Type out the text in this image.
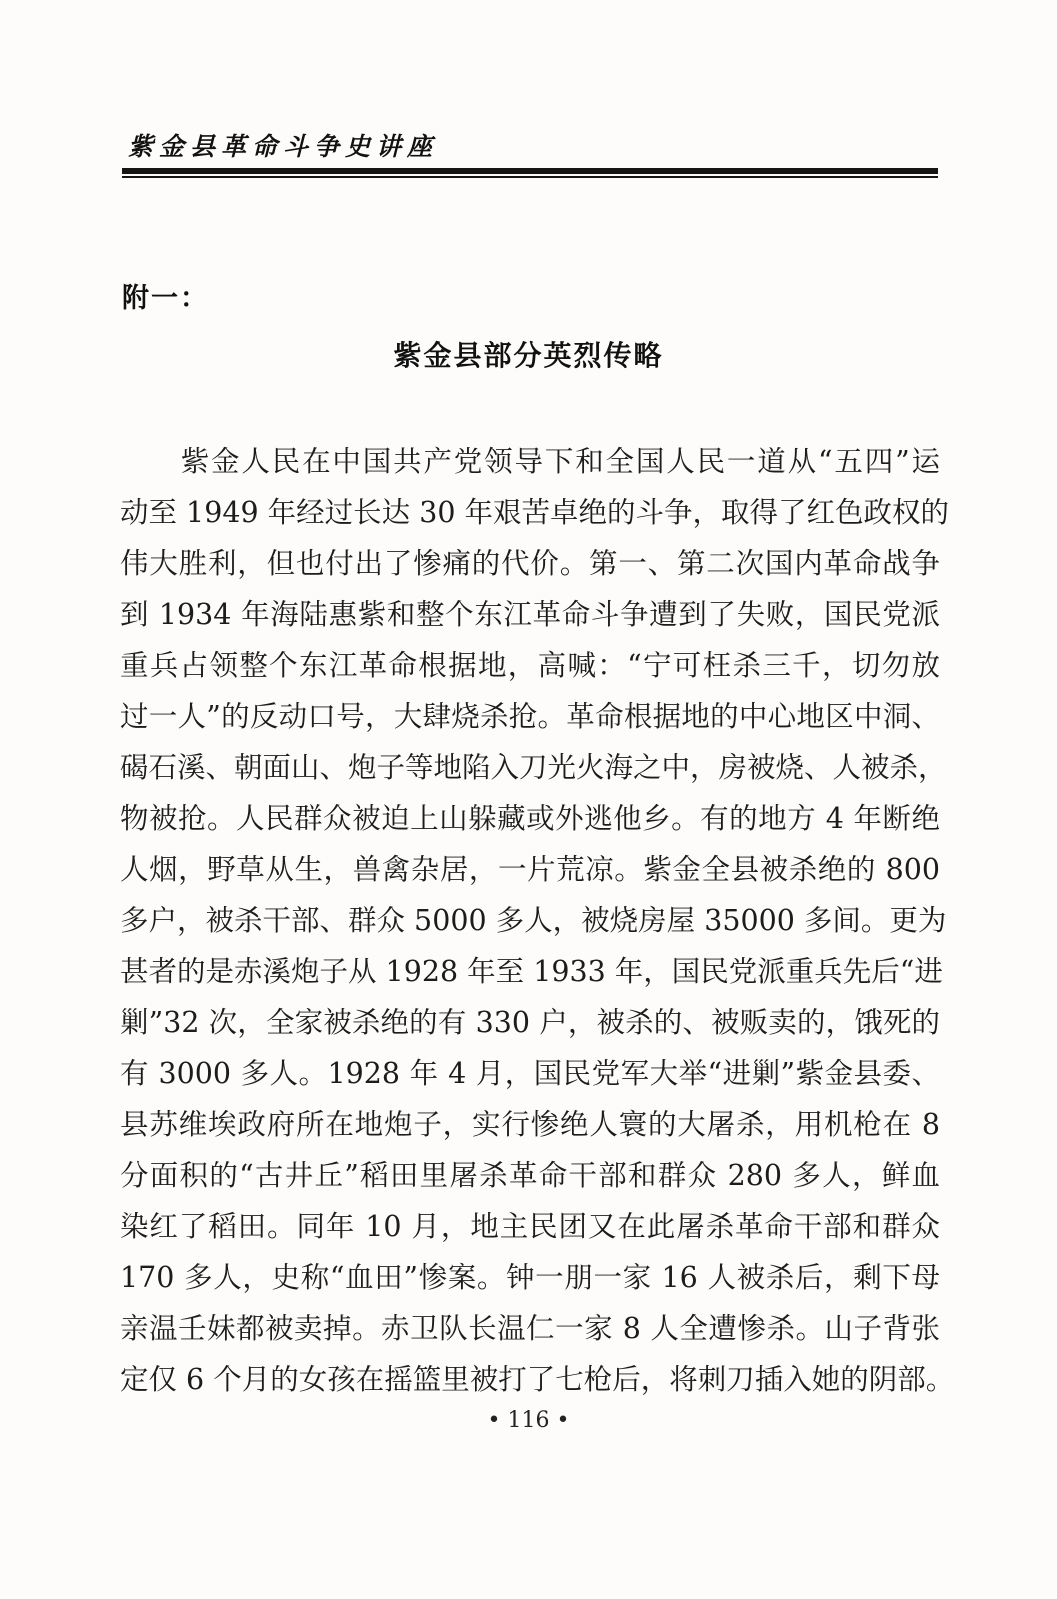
紫金县革命斗争史讲座
附一：
紫金县部分英烈传略
　　紫金人民在中国共产党领导下和全国人民一道从“五四”运
动至 1949 年经过长达 30 年艰苦卓绝的斗争，取得了红色政权的
伟大胜利，但也付出了惨痛的代价。第一、第二次国内革命战争
到 1934 年海陆惠紫和整个东江革命斗争遭到了失败，国民党派
重兵占领整个东江革命根据地，高喊：“宁可枉杀三千，切勿放
过一人”的反动口号，大肆烧杀抢。革命根据地的中心地区中洞、
碣石溪、朝面山、炮子等地陷入刀光火海之中，房被烧、人被杀，
物被抢。人民群众被迫上山躲藏或外逃他乡。有的地方 4 年断绝
人烟，野草从生，兽禽杂居，一片荒凉。紫金全县被杀绝的 800
多户，被杀干部、群众 5000 多人，被烧房屋 35000 多间。更为
甚者的是赤溪炮子从 1928 年至 1933 年，国民党派重兵先后“进
剿”32 次，全家被杀绝的有 330 户，被杀的、被贩卖的，饿死的
有 3000 多人。1928 年 4 月，国民党军大举“进剿”紫金县委、
县苏维埃政府所在地炮子，实行惨绝人寰的大屠杀，用机枪在 8
分面积的“古井丘”稻田里屠杀革命干部和群众 280 多人，鲜血
染红了稻田。同年 10 月，地主民团又在此屠杀革命干部和群众
170 多人，史称“血田”惨案。钟一朋一家 16 人被杀后，剩下母
亲温壬妹都被卖掉。赤卫队长温仁一家 8 人全遭惨杀。山子背张
定仅 6 个月的女孩在摇篮里被打了七枪后，将刺刀插入她的阴部。
• 116 •
